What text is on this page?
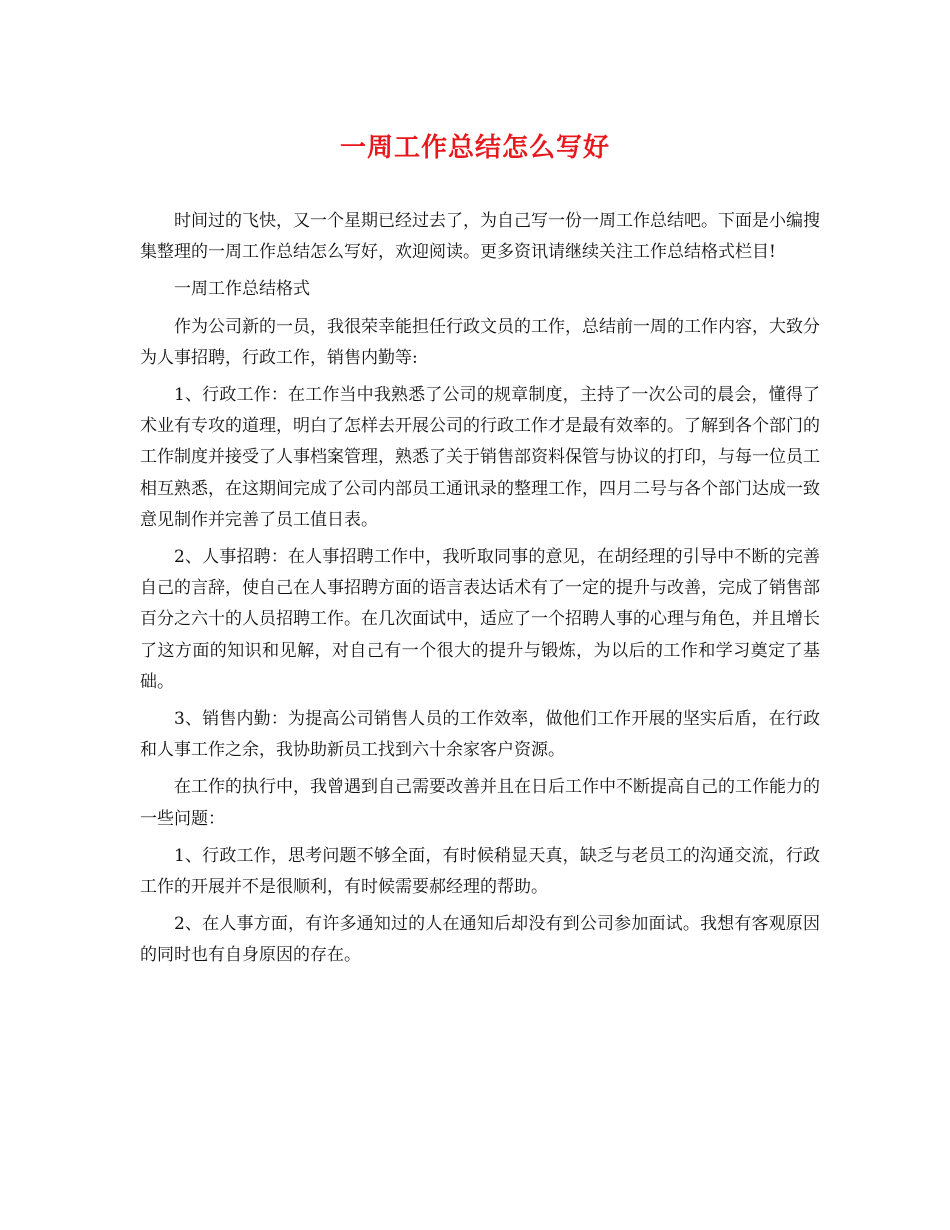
一周工作总结怎么写好

时间过的飞快，又一个星期已经过去了，为自己写一份一周工作总结吧。下面是小编搜集整理的一周工作总结怎么写好，欢迎阅读。更多资讯请继续关注工作总结格式栏目!

一周工作总结格式

作为公司新的一员，我很荣幸能担任行政文员的工作，总结前一周的工作内容，大致分为人事招聘，行政工作，销售内勤等:

1、行政工作：在工作当中我熟悉了公司的规章制度，主持了一次公司的晨会，懂得了术业有专攻的道理，明白了怎样去开展公司的行政工作才是最有效率的。了解到各个部门的工作制度并接受了人事档案管理，熟悉了关于销售部资料保管与协议的打印，与每一位员工相互熟悉，在这期间完成了公司内部员工通讯录的整理工作，四月二号与各个部门达成一致意见制作并完善了员工值日表。

2、人事招聘：在人事招聘工作中，我听取同事的意见，在胡经理的引导中不断的完善自己的言辞，使自己在人事招聘方面的语言表达话术有了一定的提升与改善，完成了销售部百分之六十的人员招聘工作。在几次面试中，适应了一个招聘人事的心理与角色，并且增长了这方面的知识和见解，对自己有一个很大的提升与锻炼，为以后的工作和学习奠定了基础。

3、销售内勤：为提高公司销售人员的工作效率，做他们工作开展的坚实后盾，在行政和人事工作之余，我协助新员工找到六十余家客户资源。

在工作的执行中，我曾遇到自己需要改善并且在日后工作中不断提高自己的工作能力的一些问题：

1、行政工作，思考问题不够全面，有时候稍显天真，缺乏与老员工的沟通交流，行政工作的开展并不是很顺利，有时候需要郝经理的帮助。

2、在人事方面，有许多通知过的人在通知后却没有到公司参加面试。我想有客观原因的同时也有自身原因的存在。
